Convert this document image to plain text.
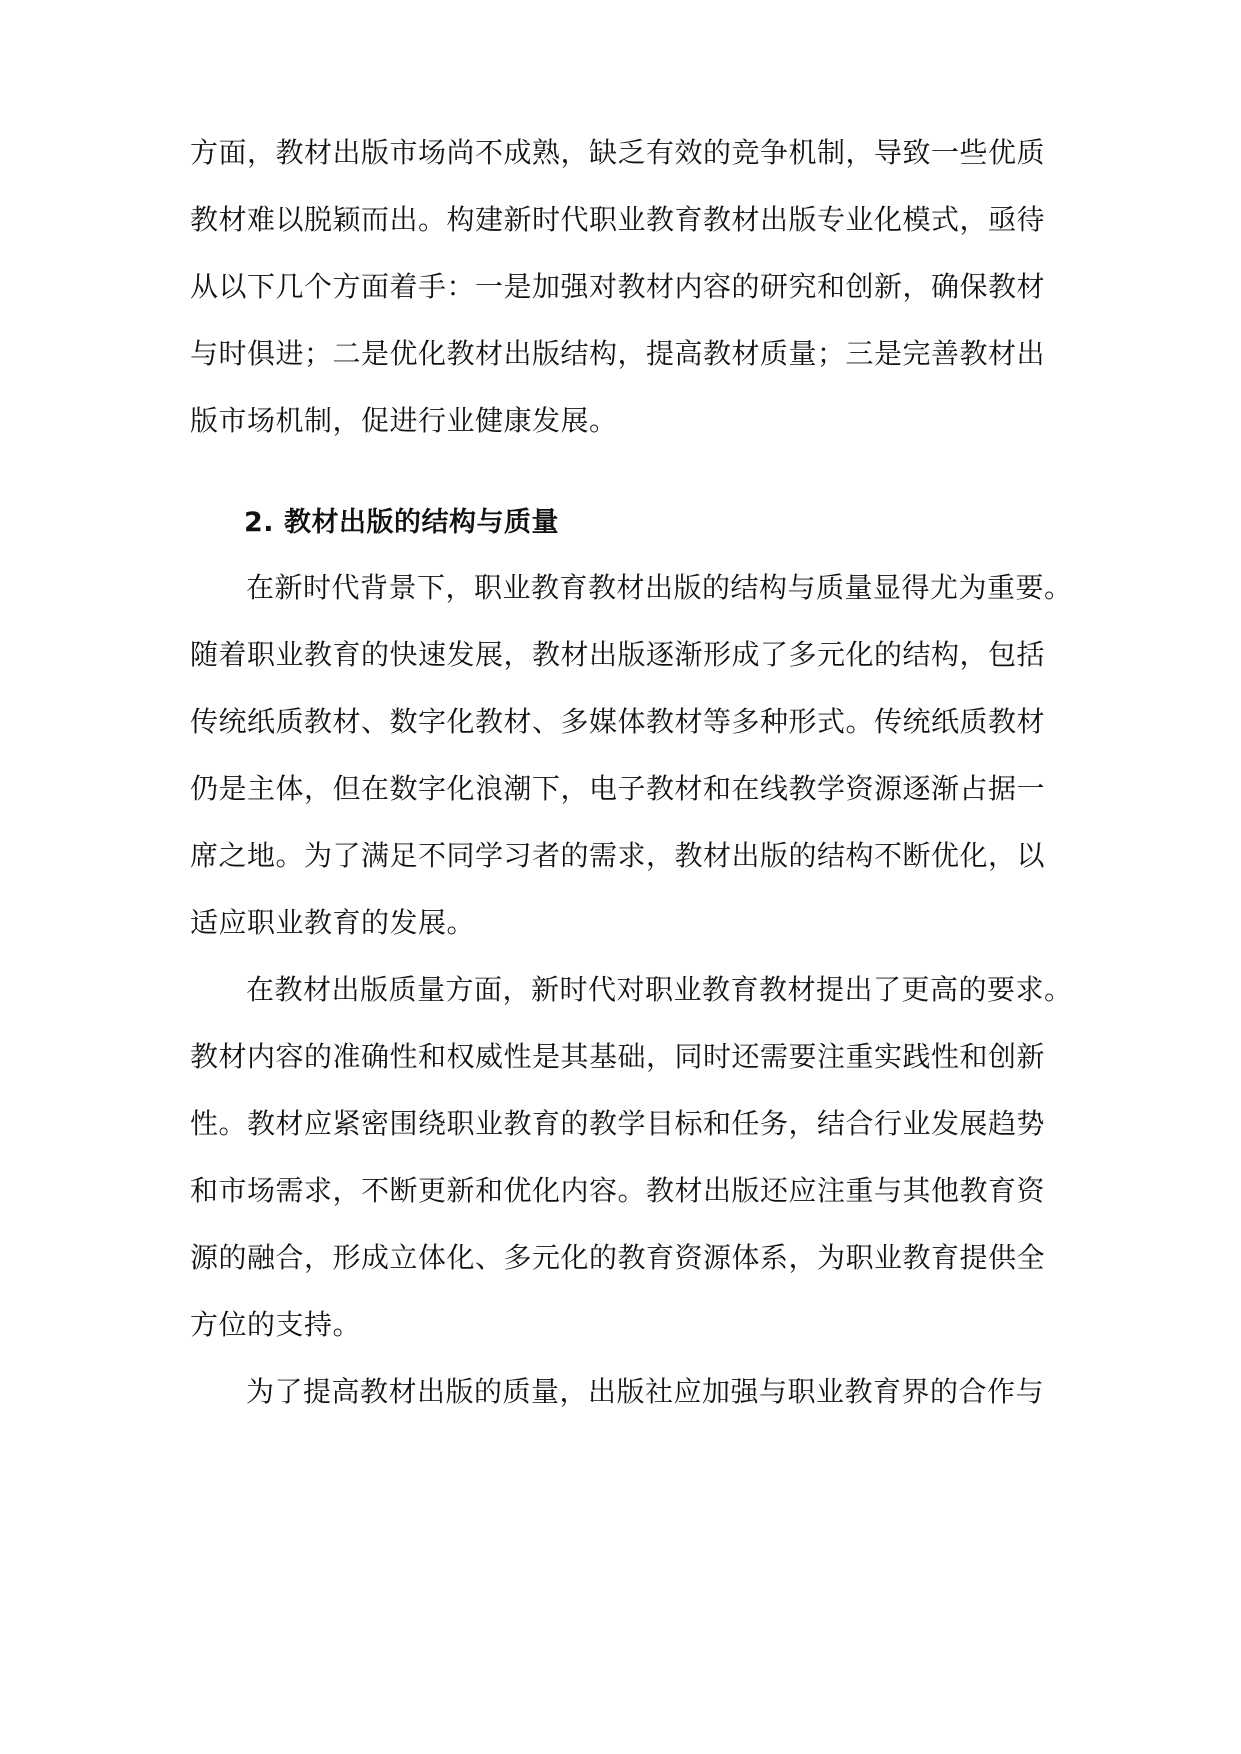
方面，教材出版市场尚不成熟，缺乏有效的竞争机制，导致一些优质
教材难以脱颖而出。构建新时代职业教育教材出版专业化模式，亟待
从以下几个方面着手：一是加强对教材内容的研究和创新，确保教材
与时俱进；二是优化教材出版结构，提高教材质量；三是完善教材出
版市场机制，促进行业健康发展。
2. 教材出版的结构与质量
在新时代背景下，职业教育教材出版的结构与质量显得尤为重要。
随着职业教育的快速发展，教材出版逐渐形成了多元化的结构，包括
传统纸质教材、数字化教材、多媒体教材等多种形式。传统纸质教材
仍是主体，但在数字化浪潮下，电子教材和在线教学资源逐渐占据一
席之地。为了满足不同学习者的需求，教材出版的结构不断优化，以
适应职业教育的发展。
在教材出版质量方面，新时代对职业教育教材提出了更高的要求。
教材内容的准确性和权威性是其基础，同时还需要注重实践性和创新
性。教材应紧密围绕职业教育的教学目标和任务，结合行业发展趋势
和市场需求，不断更新和优化内容。教材出版还应注重与其他教育资
源的融合，形成立体化、多元化的教育资源体系，为职业教育提供全
方位的支持。
为了提高教材出版的质量，出版社应加强与职业教育界的合作与
